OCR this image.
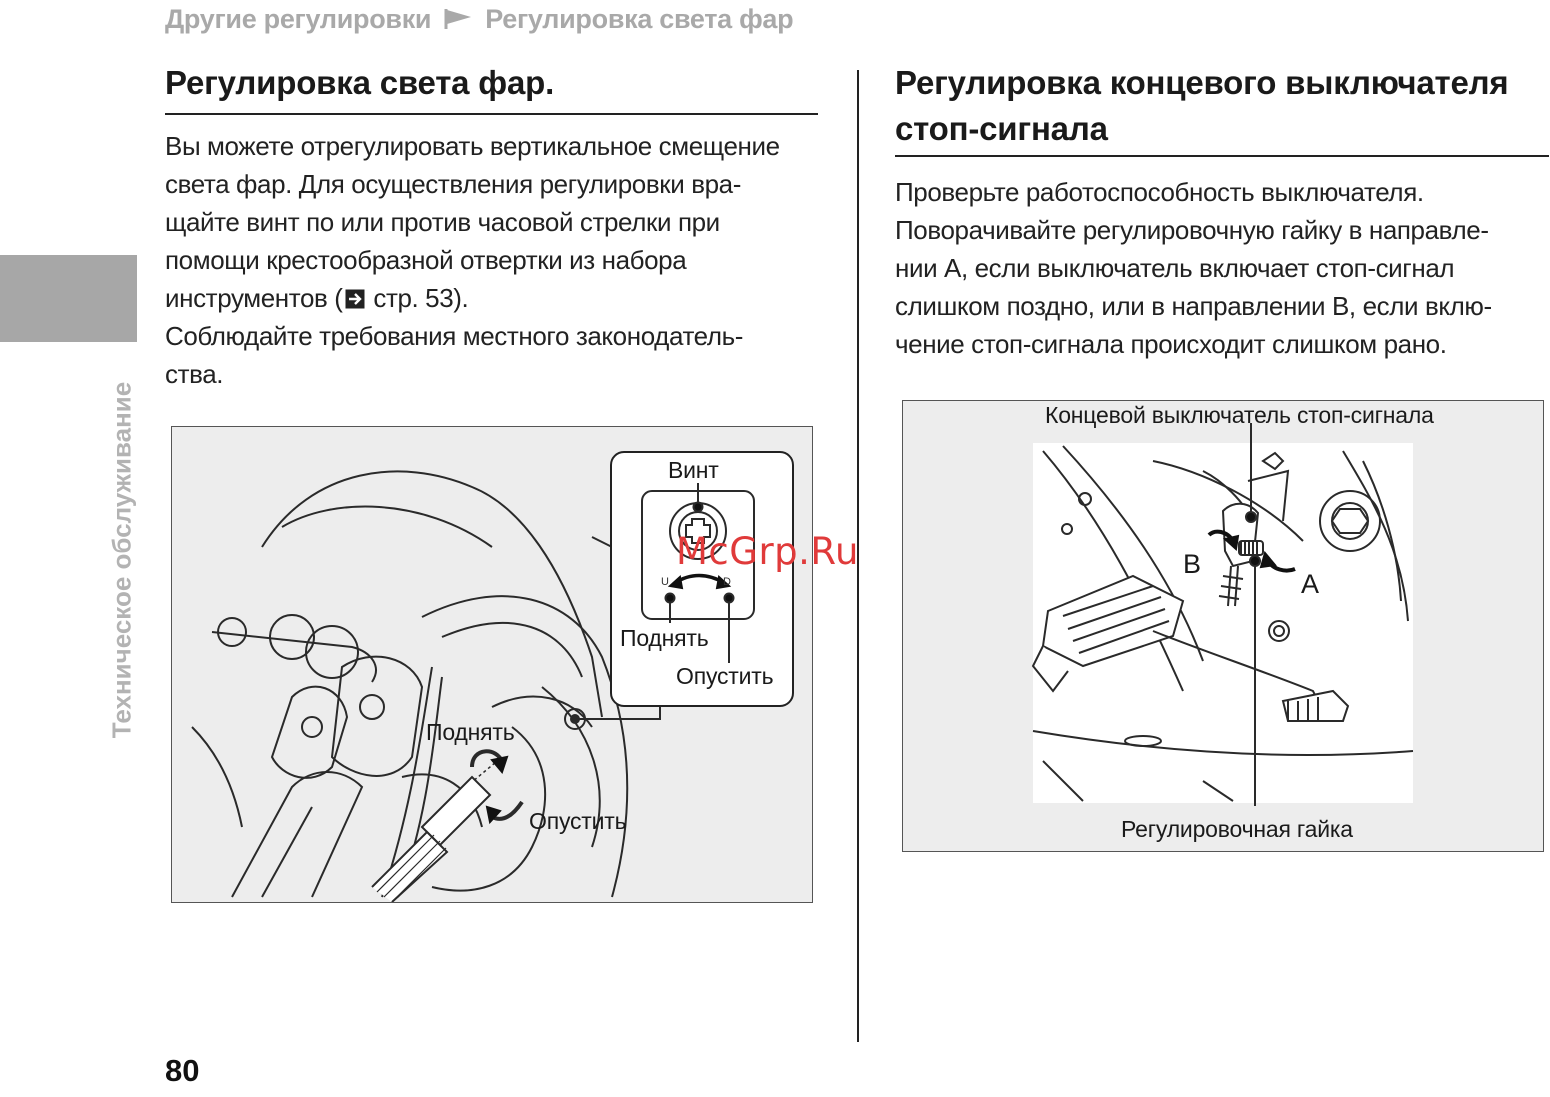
Другие регулировки Регулировка света фар
Техническое обслуживание
Регулировка света фар.

Вы можете отрегулировать вертикальное смещение

света фар. Для осуществления регулировки вра-

щайте винт по или против часовой стрелки при

помощи крестообразной отвертки из набора

инструментов ( стр. 53).

Соблюдайте требования местного законодатель-

ства.

Винт
U	D
Поднять
Опустить
Поднять
Опустить
Регулировка концевого выключателя
стоп-сигнала

Проверьте работоспособность выключателя.

Поворачивайте регулировочную гайку в направле-

нии А, если выключатель включает стоп-сигнал

слишком поздно, или в направлении В, если вклю-

чение стоп-сигнала происходит слишком рано.

Концевой выключатель стоп-сигнала
Регулировочная гайка
A
B
McGrp.Ru
80
